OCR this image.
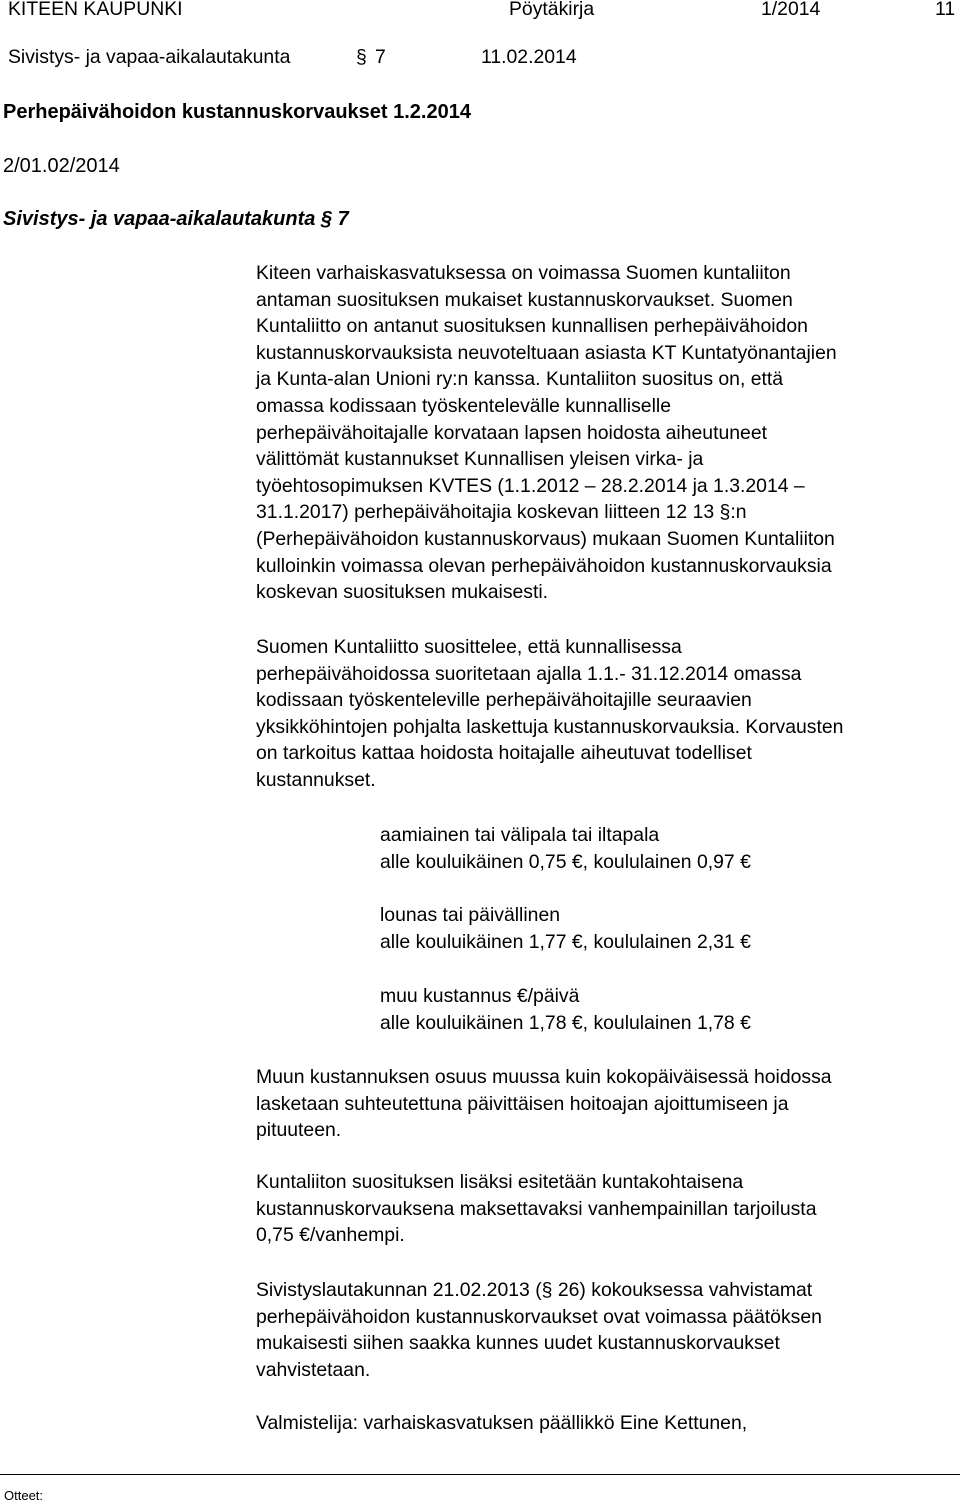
KITEEN KAUPUNKI	Pöytäkirja	1/2014	11
Sivistys- ja vapaa-aikalautakunta	§ 7	11.02.2014
Perhepäivähoidon kustannuskorvaukset 1.2.2014
2/01.02/2014
Sivistys- ja vapaa-aikalautakunta § 7
Kiteen varhaiskasvatuksessa on voimassa Suomen kuntaliiton
antaman suosituksen mukaiset kustannuskorvaukset. Suomen
Kuntaliitto on antanut suosituksen kunnallisen perhepäivähoidon
kustannuskorvauksista neuvoteltuaan asiasta KT Kuntatyönantajien
ja Kunta-alan Unioni ry:n kanssa. Kuntaliiton suositus on, että
omassa kodissaan työskentelevälle kunnalliselle
perhepäivähoitajalle korvataan lapsen hoidosta aiheutuneet
välittömät kustannukset Kunnallisen yleisen virka- ja
työehtosopimuksen KVTES (1.1.2012 – 28.2.2014 ja 1.3.2014 –
31.1.2017) perhepäivähoitajia koskevan liitteen 12 13 §:n
(Perhepäivähoidon kustannuskorvaus) mukaan Suomen Kuntaliiton
kulloinkin voimassa olevan perhepäivähoidon kustannuskorvauksia
koskevan suosituksen mukaisesti.
Suomen Kuntaliitto suosittelee, että kunnallisessa
perhepäivähoidossa suoritetaan ajalla 1.1.- 31.12.2014 omassa
kodissaan työskenteleville perhepäivähoitajille seuraavien
yksikköhintojen pohjalta laskettuja kustannuskorvauksia. Korvausten
on tarkoitus kattaa hoidosta hoitajalle aiheutuvat todelliset
kustannukset.
aamiainen tai välipala tai iltapala
alle kouluikäinen 0,75 €, koululainen 0,97 €
lounas tai päivällinen
alle kouluikäinen 1,77 €, koululainen 2,31 €
muu kustannus €/päivä
alle kouluikäinen 1,78 €, koululainen 1,78 €
Muun kustannuksen osuus muussa kuin kokopäiväisessä hoidossa
lasketaan suhteutettuna päivittäisen hoitoajan ajoittumiseen ja
pituuteen.
Kuntaliiton suosituksen lisäksi esitetään kuntakohtaisena
kustannuskorvauksena maksettavaksi vanhempainillan tarjoilusta
0,75 €/vanhempi.
Sivistyslautakunnan 21.02.2013 (§ 26) kokouksessa vahvistamat
perhepäivähoidon kustannuskorvaukset ovat voimassa päätöksen
mukaisesti siihen saakka kunnes uudet kustannuskorvaukset
vahvistetaan.
Valmistelija: varhaiskasvatuksen päällikkö Eine Kettunen,
Otteet:
